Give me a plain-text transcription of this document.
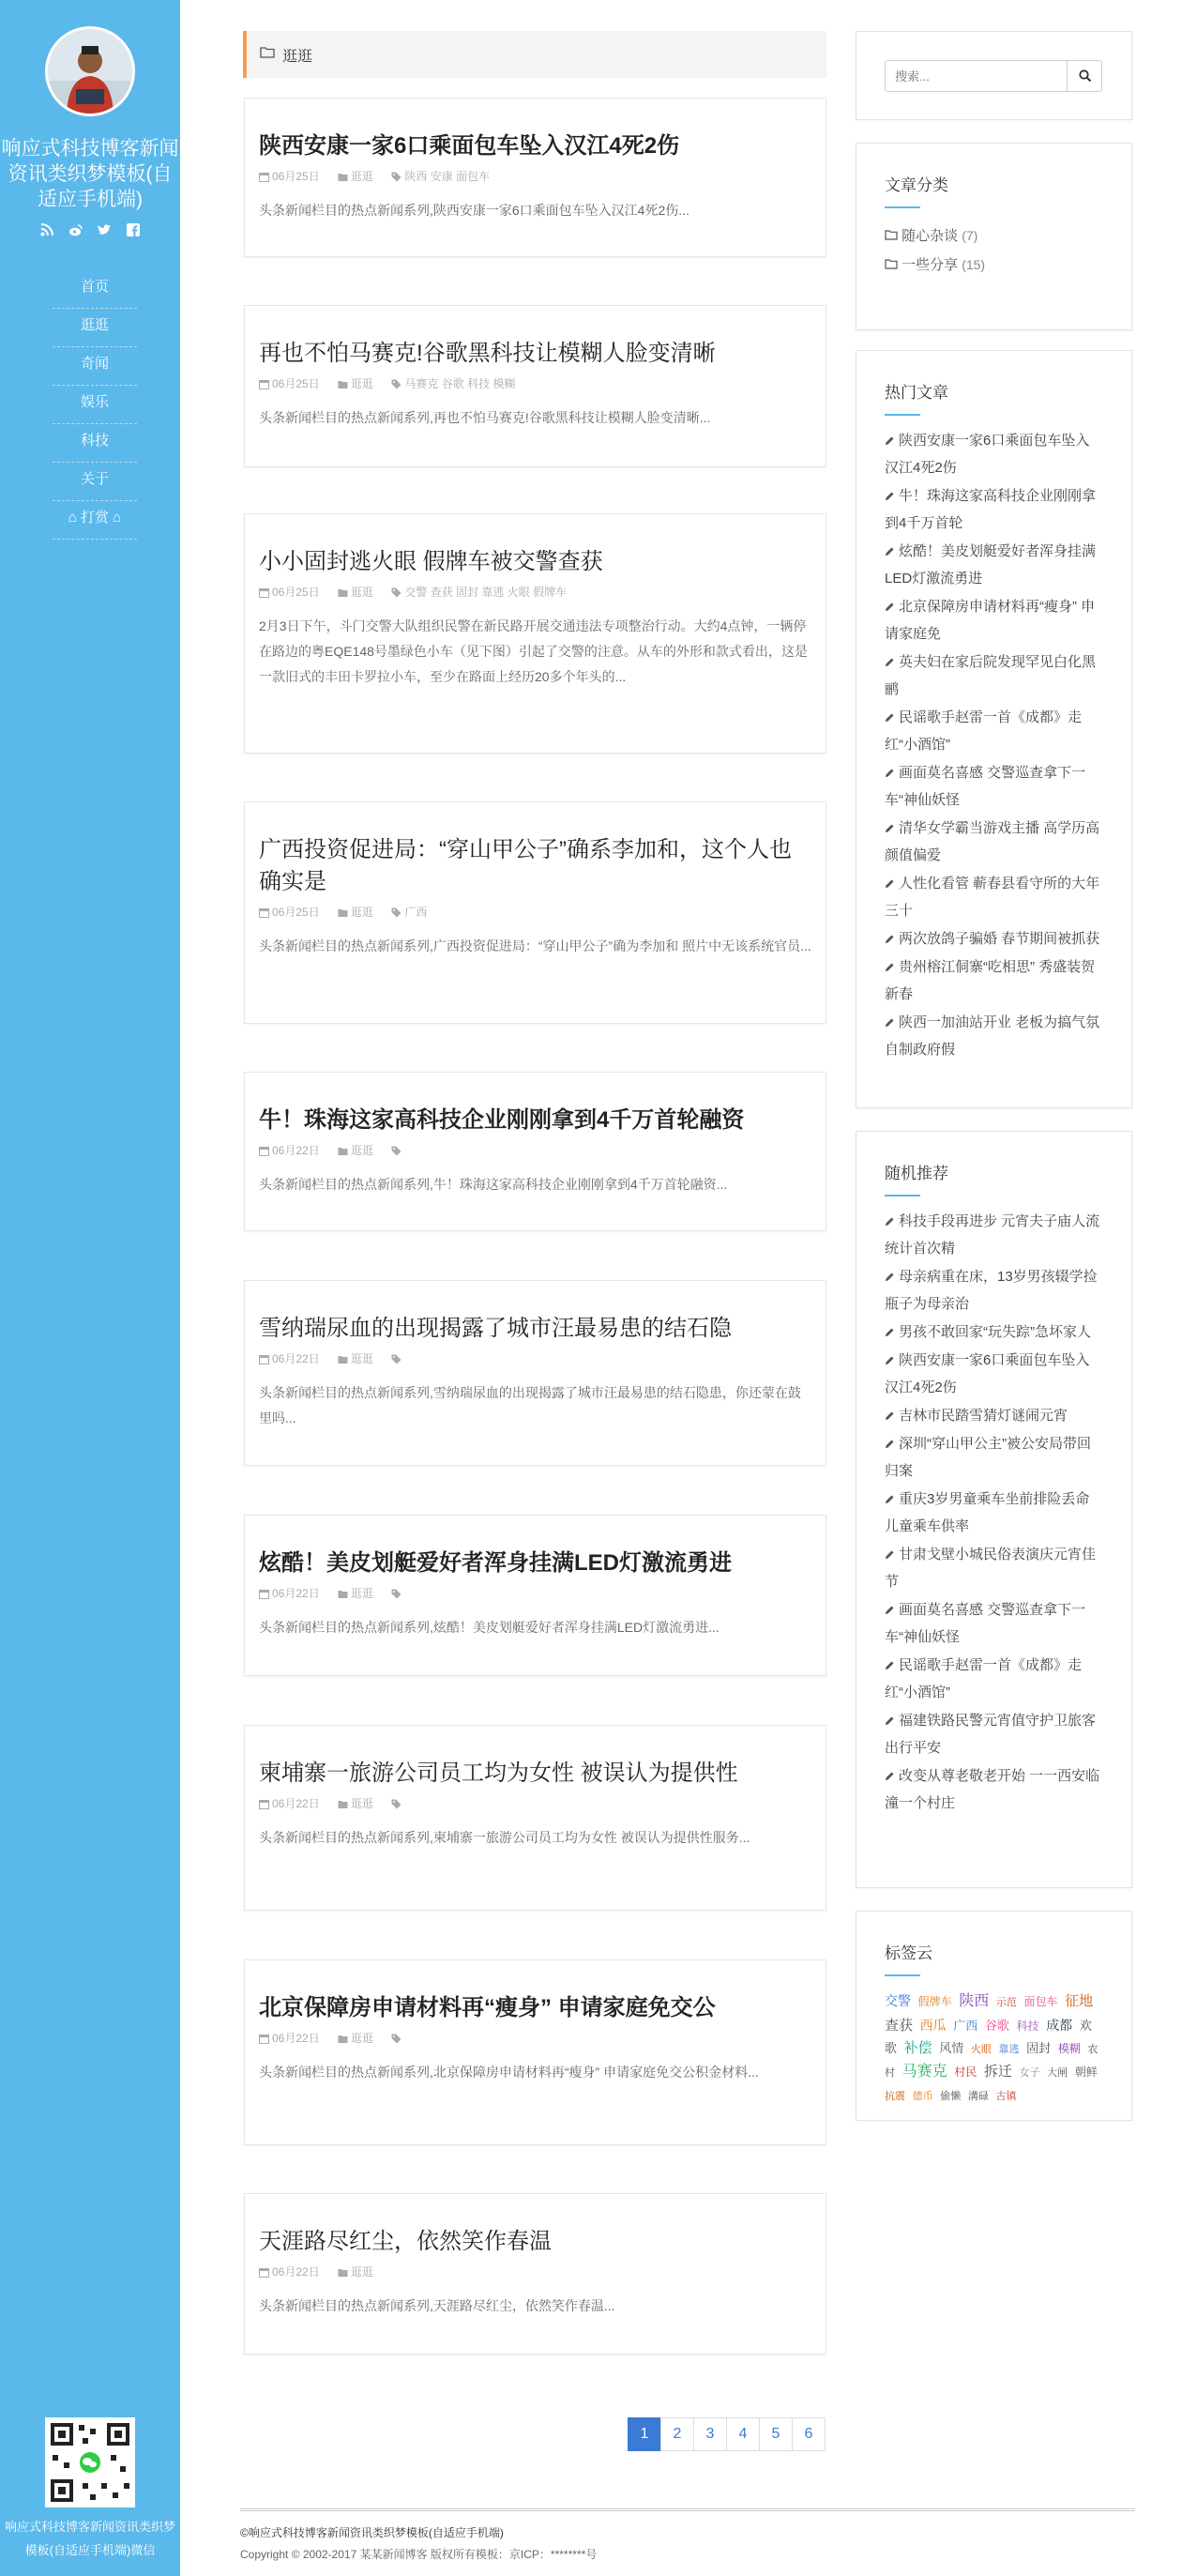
响应式科技博客新闻资讯类织梦模板(自适应手机端)

首页
逛逛
奇闻
娱乐
科技
关于
⌂ 打赏 ⌂
响应式科技博客新闻资讯类织梦模板(自适应手机端)微信
逛逛
陕西安康一家6口乘面包车坠入汉江4死2伤
06月25日	逛逛	陕西 安康 面包车
头条新闻栏目的热点新闻系列,陕西安康一家6口乘面包车坠入汉江4死2伤...
再也不怕马赛克!谷歌黑科技让模糊人脸变清晰
06月25日	逛逛	马赛克 谷歌 科技 模糊
头条新闻栏目的热点新闻系列,再也不怕马赛克!谷歌黑科技让模糊人脸变清晰...
小小固封逃火眼 假牌车被交警查获
06月25日	逛逛	交警 查获 固封 靠逃 火眼 假牌车
2月3日下午，斗门交警大队组织民警在新民路开展交通违法专项整治行动。大约4点钟，一辆停在路边的粤EQE148号墨绿色小车（见下图）引起了交警的注意。从车的外形和款式看出，这是一款旧式的丰田卡罗拉小车，至少在路面上经历20多个年头的...
广西投资促进局：“穿山甲公子”确系李加和，这个人也确实是
06月25日	逛逛	广西
头条新闻栏目的热点新闻系列,广西投资促进局：“穿山甲公子”确为李加和 照片中无该系统官员...
牛！珠海这家高科技企业刚刚拿到4千万首轮融资
06月22日	逛逛
头条新闻栏目的热点新闻系列,牛！珠海这家高科技企业刚刚拿到4千万首轮融资...
雪纳瑞尿血的出现揭露了城市汪最易患的结石隐
06月22日	逛逛
头条新闻栏目的热点新闻系列,雪纳瑞尿血的出现揭露了城市汪最易患的结石隐患，你还蒙在鼓里吗...
炫酷！美皮划艇爱好者浑身挂满LED灯激流勇进
06月22日	逛逛
头条新闻栏目的热点新闻系列,炫酷！美皮划艇爱好者浑身挂满LED灯激流勇进...
柬埔寨一旅游公司员工均为女性 被误认为提供性
06月22日	逛逛
头条新闻栏目的热点新闻系列,柬埔寨一旅游公司员工均为女性 被误认为提供性服务...
北京保障房申请材料再“瘦身” 申请家庭免交公
06月22日	逛逛
头条新闻栏目的热点新闻系列,北京保障房申请材料再“瘦身” 申请家庭免交公积金材料...
天涯路尽红尘，依然笑作春温
06月22日	逛逛
头条新闻栏目的热点新闻系列,天涯路尽红尘，依然笑作春温...
1	2	3	4	5	6
©响应式科技博客新闻资讯类织梦模板(自适应手机端)
Copyright © 2002-2017 某某新闻博客 版权所有模板：京ICP：********号
搜索...
文章分类
随心杂谈 (7)
一些分享 (15)
热门文章
陕西安康一家6口乘面包车坠入汉江4死2伤
牛！珠海这家高科技企业刚刚拿到4千万首轮
炫酷！美皮划艇爱好者浑身挂满LED灯激流勇进
北京保障房申请材料再“瘦身” 申请家庭免
英夫妇在家后院发现罕见白化黑鹂
民谣歌手赵雷一首《成都》走红“小酒馆”
画面莫名喜感 交警巡查拿下一车“神仙妖怪
清华女学霸当游戏主播 高学历高颜值偏爱
人性化看管 蕲春县看守所的大年三十
两次放鸽子骗婚 春节期间被抓获
贵州榕江侗寨“吃相思” 秀盛装贺新春
陕西一加油站开业 老板为搞气氛自制政府假
随机推荐
科技手段再进步 元宵夫子庙人流统计首次精
母亲病重在床，13岁男孩辍学捡瓶子为母亲治
男孩不敢回家“玩失踪”急坏家人
陕西安康一家6口乘面包车坠入汉江4死2伤
吉林市民踏雪猜灯谜闹元宵
深圳“穿山甲公主”被公安局带回归案
重庆3岁男童乘车坐前排险丢命 儿童乘车供率
甘肃戈壁小城民俗表演庆元宵佳节
画面莫名喜感 交警巡查拿下一车“神仙妖怪
民谣歌手赵雷一首《成都》走红“小酒馆”
福建铁路民警元宵值守护卫旅客出行平安
改变从尊老敬老开始 一一西安临潼一个村庄
标签云
交警 假牌车 陕西 示范 面包车 征地 查获 西瓜 广西 谷歌 科技 成都 欢歌 补偿 风情 火眼 靠逃 固封 模糊 农村 马赛克 村民 拆迁 女子 大闸 朝鲜 抗震 德币 偷懒 溝碌 古镇
